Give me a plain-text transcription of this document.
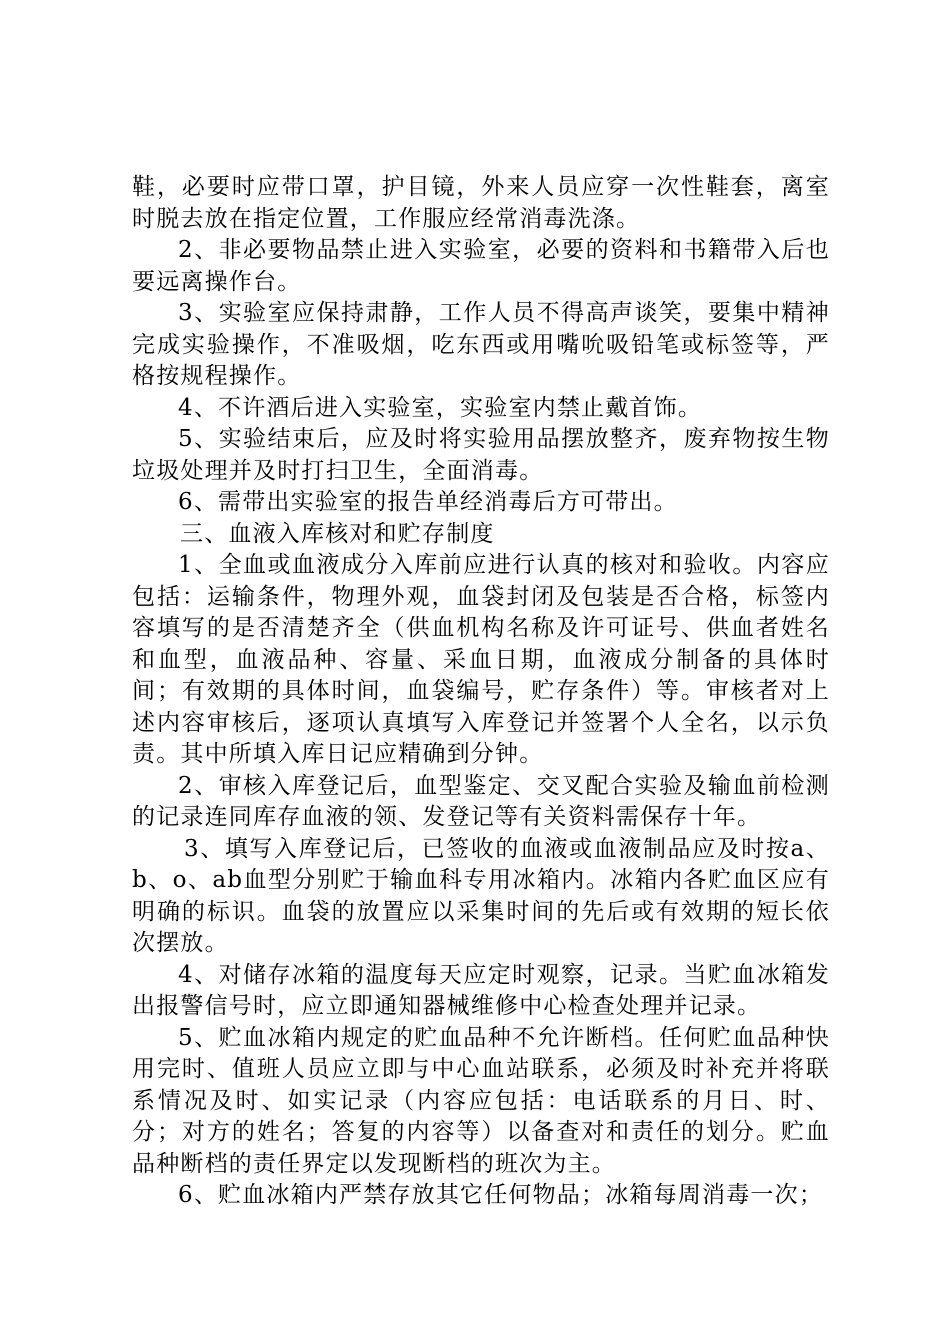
鞋，必要时应带口罩，护目镜，外来人员应穿一次性鞋套，离室时脱去放在指定位置，工作服应经常消毒洗涤。

2、非必要物品禁止进入实验室，必要的资料和书籍带入后也要远离操作台。

3、实验室应保持肃静，工作人员不得高声谈笑，要集中精神完成实验操作，不准吸烟，吃东西或用嘴吮吸铅笔或标签等，严格按规程操作。

4、不许酒后进入实验室，实验室内禁止戴首饰。

5、实验结束后，应及时将实验用品摆放整齐，废弃物按生物垃圾处理并及时打扫卫生，全面消毒。

6、需带出实验室的报告单经消毒后方可带出。

三、血液入库核对和贮存制度

1、全血或血液成分入库前应进行认真的核对和验收。内容应包括：运输条件，物理外观，血袋封闭及包装是否合格，标签内容填写的是否清楚齐全（供血机构名称及许可证号、供血者姓名和血型，血液品种、容量、采血日期，血液成分制备的具体时间；有效期的具体时间，血袋编号，贮存条件）等。审核者对上述内容审核后，逐项认真填写入库登记并签署个人全名，以示负责。其中所填入库日记应精确到分钟。

2、审核入库登记后，血型鉴定、交叉配合实验及输血前检测的记录连同库存血液的领、发登记等有关资料需保存十年。

3、填写入库登记后，已签收的血液或血液制品应及时按a、b、o、ab血型分别贮于输血科专用冰箱内。冰箱内各贮血区应有明确的标识。血袋的放置应以采集时间的先后或有效期的短长依次摆放。

4、对储存冰箱的温度每天应定时观察，记录。当贮血冰箱发出报警信号时，应立即通知器械维修中心检查处理并记录。

5、贮血冰箱内规定的贮血品种不允许断档。任何贮血品种快用完时、值班人员应立即与中心血站联系，必须及时补充并将联系情况及时、如实记录（内容应包括：电话联系的月日、时、分；对方的姓名；答复的内容等）以备查对和责任的划分。贮血品种断档的责任界定以发现断档的班次为主。

6、贮血冰箱内严禁存放其它任何物品；冰箱每周消毒一次；
